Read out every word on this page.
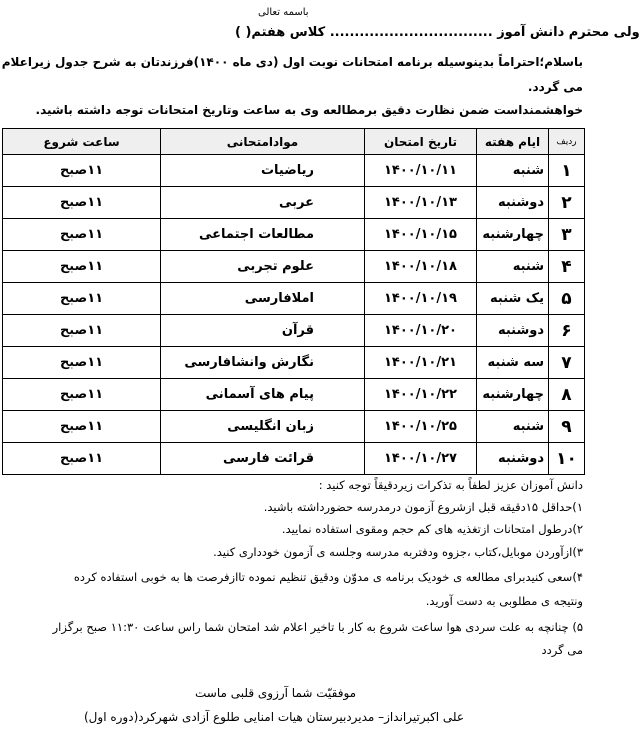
باسمه تعالی
ولی محترم دانش آموز ................................. کلاس هفتم( )
باسلام؛احتراماً بدینوسیله برنامه امتحانات نوبت اول (دی ماه ۱۴۰۰)فرزندتان به شرح جدول زیراعلام
می گردد.
خواهشمنداست ضمن نظارت دقیق برمطالعه وی به ساعت وتاریخ امتحانات توجه داشته باشید.
ردیف	ایام هفته	تاریخ امتحان	موادامتحانی	ساعت شروع
۱	شنبه	۱۴۰۰/۱۰/۱۱	ریاضیات	۱۱صبح
۲	دوشنبه	۱۴۰۰/۱۰/۱۳	عربی	۱۱صبح
۳	چهارشنبه	۱۴۰۰/۱۰/۱۵	مطالعات اجتماعی	۱۱صبح
۴	شنبه	۱۴۰۰/۱۰/۱۸	علوم تجربی	۱۱صبح
۵	یک شنبه	۱۴۰۰/۱۰/۱۹	املافارسی	۱۱صبح
۶	دوشنبه	۱۴۰۰/۱۰/۲۰	قرآن	۱۱صبح
۷	سه شنبه	۱۴۰۰/۱۰/۲۱	نگارش وانشافارسی	۱۱صبح
۸	چهارشنبه	۱۴۰۰/۱۰/۲۲	پیام های آسمانی	۱۱صبح
۹	شنبه	۱۴۰۰/۱۰/۲۵	زبان انگلیسی	۱۱صبح
۱۰	دوشنبه	۱۴۰۰/۱۰/۲۷	قرائت فارسی	۱۱صبح
دانش آموزان عزیز لطفاً به تذکرات زیردقیقاً توجه کنید :
۱)حداقل ۱۵دقیقه قبل ازشروع آزمون درمدرسه حضورداشته باشید.
۲)درطول امتحانات ازتغذیه های کم حجم ومقوی استفاده نمایید.
۳)ازآوردن موبایل،کتاب ،جزوه ودفتربه مدرسه وجلسه ی آزمون خودداری کنید.
۴)سعی کنیدبرای مطالعه ی خودیک برنامه ی مدوّن ودقیق تنظیم نموده تاازفرصت ها به خوبی استفاده کرده
ونتیجه ی مطلوبی به دست آورید.
۵) چنانچه به علت سردی هوا ساعت شروع به کار با تاخیر اعلام شد امتحان شما راس ساعت ۱۱:۳۰ صبح برگزار
می گردد
موفقیّت شما آرزوی قلبی ماست
علی اکبرتیرانداز– مدیردبیرستان هیات امنایی طلوع آزادی شهرکرد(دوره اول)
